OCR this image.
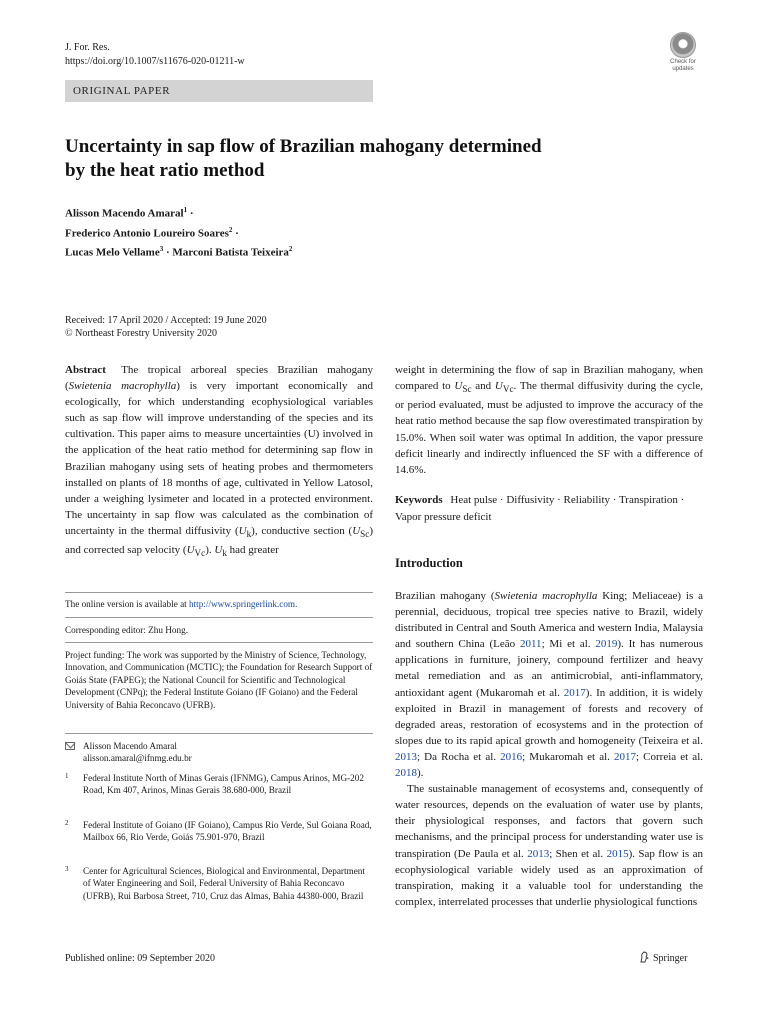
J. For. Res.
https://doi.org/10.1007/s11676-020-01211-w	Check for
updates
ORIGINAL PAPER
Uncertainty in sap flow of Brazilian mahogany determined
by the heat ratio method
Alisson Macendo Amaral$^1$ ·
Frederico Antonio Loureiro Soares$^2$ ·
Lucas Melo Vellame$^3$ · Marconi Batista Teixeira$^2$
Received: 17 April 2020 / Accepted: 19 June 2020
© Northeast Forestry University 2020
Abstract The tropical arboreal species Brazilian mahogany (Swietenia macrophylla) is very important economically and ecologically, for which understanding ecophysiological variables such as sap flow will improve understanding of the species and its cultivation. This paper aims to measure uncertainties (U) involved in the application of the heat ratio method for determining sap flow in Brazilian mahogany using sets of heating probes and thermometers installed on plants of 18 months of age, cultivated in Yellow Latosol, under a weighing lysimeter and located in a protected environment. The uncertainty in sap flow was calculated as the combination of uncertainty in the thermal diffusivity $(U_k)$, conductive section $(U_{Sc})$ and corrected sap velocity $(U_{Vc})$. $U_k$ had greater
weight in determining the flow of sap in Brazilian mahogany, when compared to $U_{Sc}$ and $U_{Vc}$. The thermal diffusivity during the cycle, or period evaluated, must be adjusted to improve the accuracy of the heat ratio method because the sap flow overestimated transpiration by 15.0%. When soil water was optimal In addition, the vapor pressure deficit linearly and indirectly influenced the SF with a difference of 14.6%.
Keywords Heat pulse · Diffusivity · Reliability · Transpiration · Vapor pressure deficit
Introduction
Brazilian mahogany (Swietenia macrophylla King; Meliaceae) is a perennial, deciduous, tropical tree species native to Brazil, widely distributed in Central and South America and western India, Malaysia and southern China (Leão 2011; Mi et al. 2019). It has numerous applications in furniture, joinery, compound fertilizer and heavy metal remediation and as an antimicrobial, anti-inflammatory, antioxidant agent (Mukaromah et al. 2017). In addition, it is widely exploited in Brazil in management of forests and recovery of degraded areas, restoration of ecosystems and in the protection of slopes due to its rapid apical growth and homogeneity (Teixeira et al. 2013; Da Rocha et al. 2016; Mukaromah et al. 2017; Correia et al. 2018).
The sustainable management of ecosystems and, consequently of water resources, depends on the evaluation of water use by plants, their physiological responses, and factors that govern such mechanisms, and the principal process for understanding water use is transpiration (De Paula et al. 2013; Shen et al. 2015). Sap flow is an ecophysiological variable widely used as an approximation of transpiration, making it a valuable tool for understanding the complex, interrelated processes that underlie physiological functions
The online version is available at http://www.springerlink.com.
Corresponding editor: Zhu Hong.
Project funding: The work was supported by the Ministry of Science, Technology, Innovation, and Communication (MCTIC); the Foundation for Research Support of Goiás State (FAPEG); the National Council for Scientific and Technological Development (CNPq); the Federal Institute Goiano (IF Goiano) and the Federal University of Bahia Reconcavo (UFRB).
Alisson Macendo Amaral
alisson.amaral@ifnmg.edu.br
1 Federal Institute North of Minas Gerais (IFNMG), Campus Arinos, MG-202 Road, Km 407, Arinos, Minas Gerais 38.680-000, Brazil
2 Federal Institute of Goiano (IF Goiano), Campus Rio Verde, Sul Goiana Road, Mailbox 66, Rio Verde, Goiás 75.901-970, Brazil
3 Center for Agricultural Sciences, Biological and Environmental, Department of Water Engineering and Soil, Federal University of Bahia Reconcavo (UFRB), Rui Barbosa Street, 710, Cruz das Almas, Bahia 44380-000, Brazil
Published online: 09 September 2020	Springer
